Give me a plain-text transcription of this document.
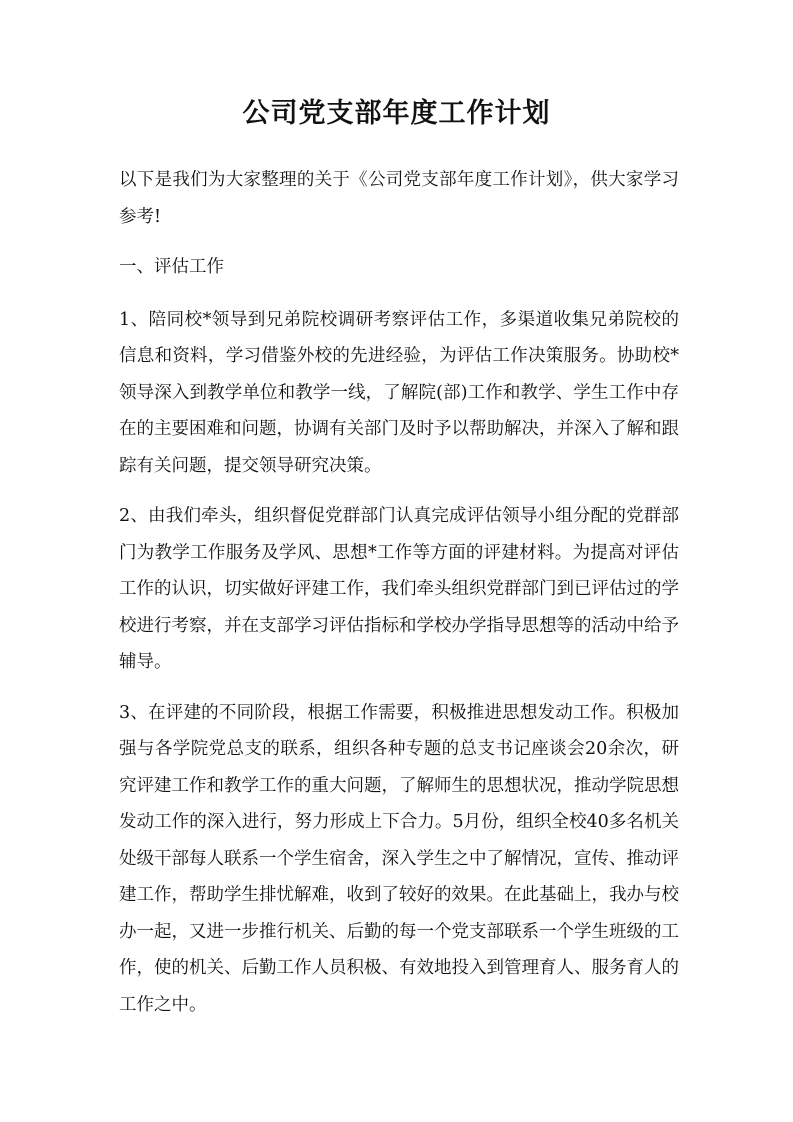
公司党支部年度工作计划

以下是我们为大家整理的关于《公司党支部年度工作计划》，供大家学习参考!

一、评估工作

1、陪同校*领导到兄弟院校调研考察评估工作，多渠道收集兄弟院校的信息和资料，学习借鉴外校的先进经验，为评估工作决策服务。协助校*领导深入到教学单位和教学一线，了解院(部)工作和教学、学生工作中存在的主要困难和问题，协调有关部门及时予以帮助解决，并深入了解和跟踪有关问题，提交领导研究决策。

2、由我们牵头，组织督促党群部门认真完成评估领导小组分配的党群部门为教学工作服务及学风、思想*工作等方面的评建材料。为提高对评估工作的认识，切实做好评建工作，我们牵头组织党群部门到已评估过的学校进行考察，并在支部学习评估指标和学校办学指导思想等的活动中给予辅导。

3、在评建的不同阶段，根据工作需要，积极推进思想发动工作。积极加强与各学院党总支的联系，组织各种专题的总支书记座谈会20余次，研究评建工作和教学工作的重大问题，了解师生的思想状况，推动学院思想发动工作的深入进行，努力形成上下合力。5月份，组织全校40多名机关处级干部每人联系一个学生宿舍，深入学生之中了解情况，宣传、推动评建工作，帮助学生排忧解难，收到了较好的效果。在此基础上，我办与校办一起，又进一步推行机关、后勤的每一个党支部联系一个学生班级的工作，使的机关、后勤工作人员积极、有效地投入到管理育人、服务育人的工作之中。
